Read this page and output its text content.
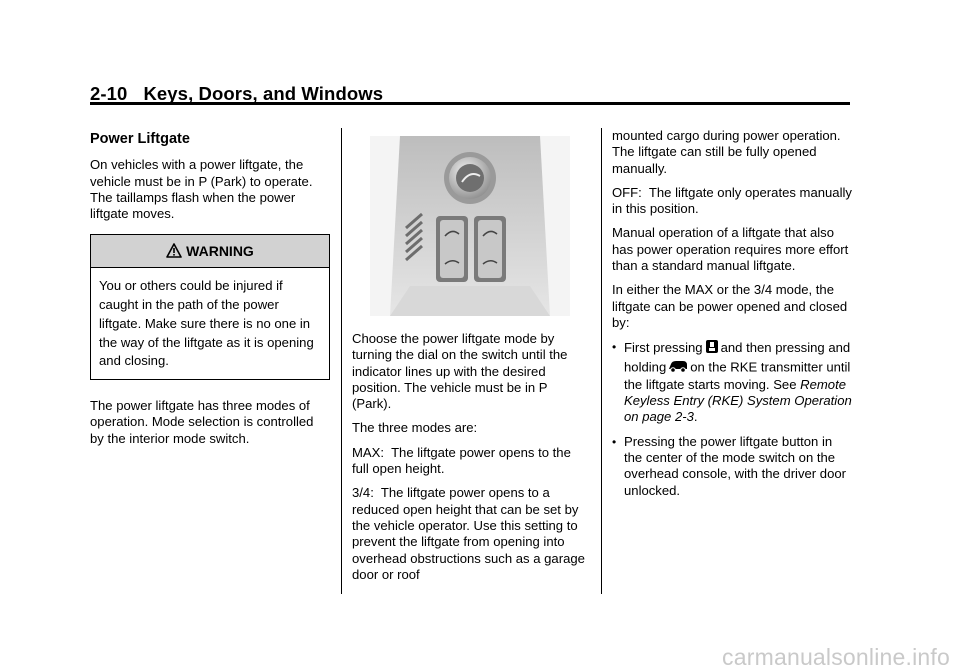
2-10 Keys, Doors, and Windows
Power Liftgate

On vehicles with a power liftgate, the vehicle must be in P (Park) to operate. The taillamps flash when the power liftgate moves.

WARNING
You or others could be injured if caught in the path of the power liftgate. Make sure there is no one in the way of the liftgate as it is opening and closing.

The power liftgate has three modes of operation. Mode selection is controlled by the interior mode switch.

Choose the power liftgate mode by turning the dial on the switch until the indicator lines up with the desired position. The vehicle must be in P (Park).

The three modes are:

MAX: The liftgate power opens to the full open height.

3/4: The liftgate power opens to a reduced open height that can be set by the vehicle operator. Use this setting to prevent the liftgate from opening into overhead obstructions such as a garage door or roof

mounted cargo during power operation. The liftgate can still be fully opened manually.

OFF: The liftgate only operates manually in this position.

Manual operation of a liftgate that also has power operation requires more effort than a standard manual liftgate.

In either the MAX or the 3/4 mode, the liftgate can be power opened and closed by:

• First pressing and then pressing and holding on the RKE transmitter until the liftgate starts moving. See Remote Keyless Entry (RKE) System Operation on page 2-3.
• Pressing the power liftgate button in the center of the mode switch on the overhead console, with the driver door unlocked.
carmanualsonline.info
